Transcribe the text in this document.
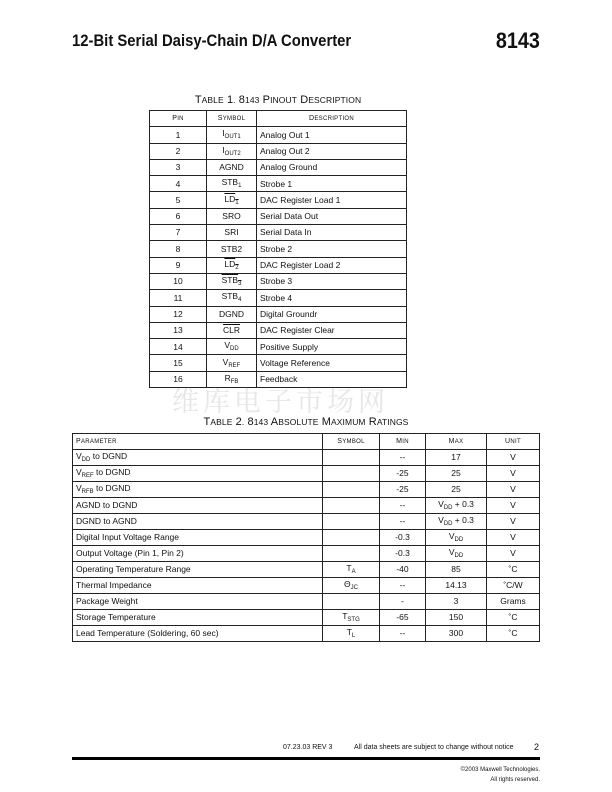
12-Bit Serial Daisy-Chain D/A Converter	8143
TABLE 1. 8143 PINOUT DESCRIPTION
PIN	SYMBOL	DESCRIPTION
1	$I_{OUT1}$	Analog Out 1
2	$I_{OUT2}$	Analog Out 2
3	AGND	Analog Ground
4	$STB_1$	Strobe 1
5	$\overline{LD}_1$	DAC Register Load 1
6	SRO	Serial Data Out
7	SRI	Serial Data In
8	STB2	Strobe 2
9	$\overline{LD}_2$	DAC Register Load 2
10	$\overline{STB}_3$	Strobe 3
11	$STB_4$	Strobe 4
12	DGND	Digital Groundr
13	$\overline{CLR}$	DAC Register Clear
14	$V_{DD}$	Positive Supply
15	$V_{REF}$	Voltage Reference
16	$R_{FB}$	Feedback
维库电子市场网
TABLE 2. 8143 ABSOLUTE MAXIMUM RATINGS
PARAMETER	SYMBOL	MIN	MAX	UNIT
$V_{DD}$ to DGND		--	17	V
$V_{REF}$ to DGND		-25	25	V
$V_{RFB}$ to DGND		-25	25	V
AGND to DGND		--	$V_{DD} + 0.3$	V
DGND to AGND		--	$V_{DD} + 0.3$	V
Digital Input Voltage Range		-0.3	$V_{DD}$	V
Output Voltage (Pin 1, Pin 2)		-0.3	$V_{DD}$	V
Operating Temperature Range	$T_A$	-40	85	˚C
Thermal Impedance	$\Theta_{JC}$	--	14.13	˚C/W
Package Weight		-	3	Grams
Storage Temperature	$T_{STG}$	-65	150	˚C
Lead Temperature (Soldering, 60 sec)	$T_L$	--	300	˚C
07.23.03 REV 3	All data sheets are subject to change without notice 2
©2003 Maxwell Technologies.
All rights reserved.
